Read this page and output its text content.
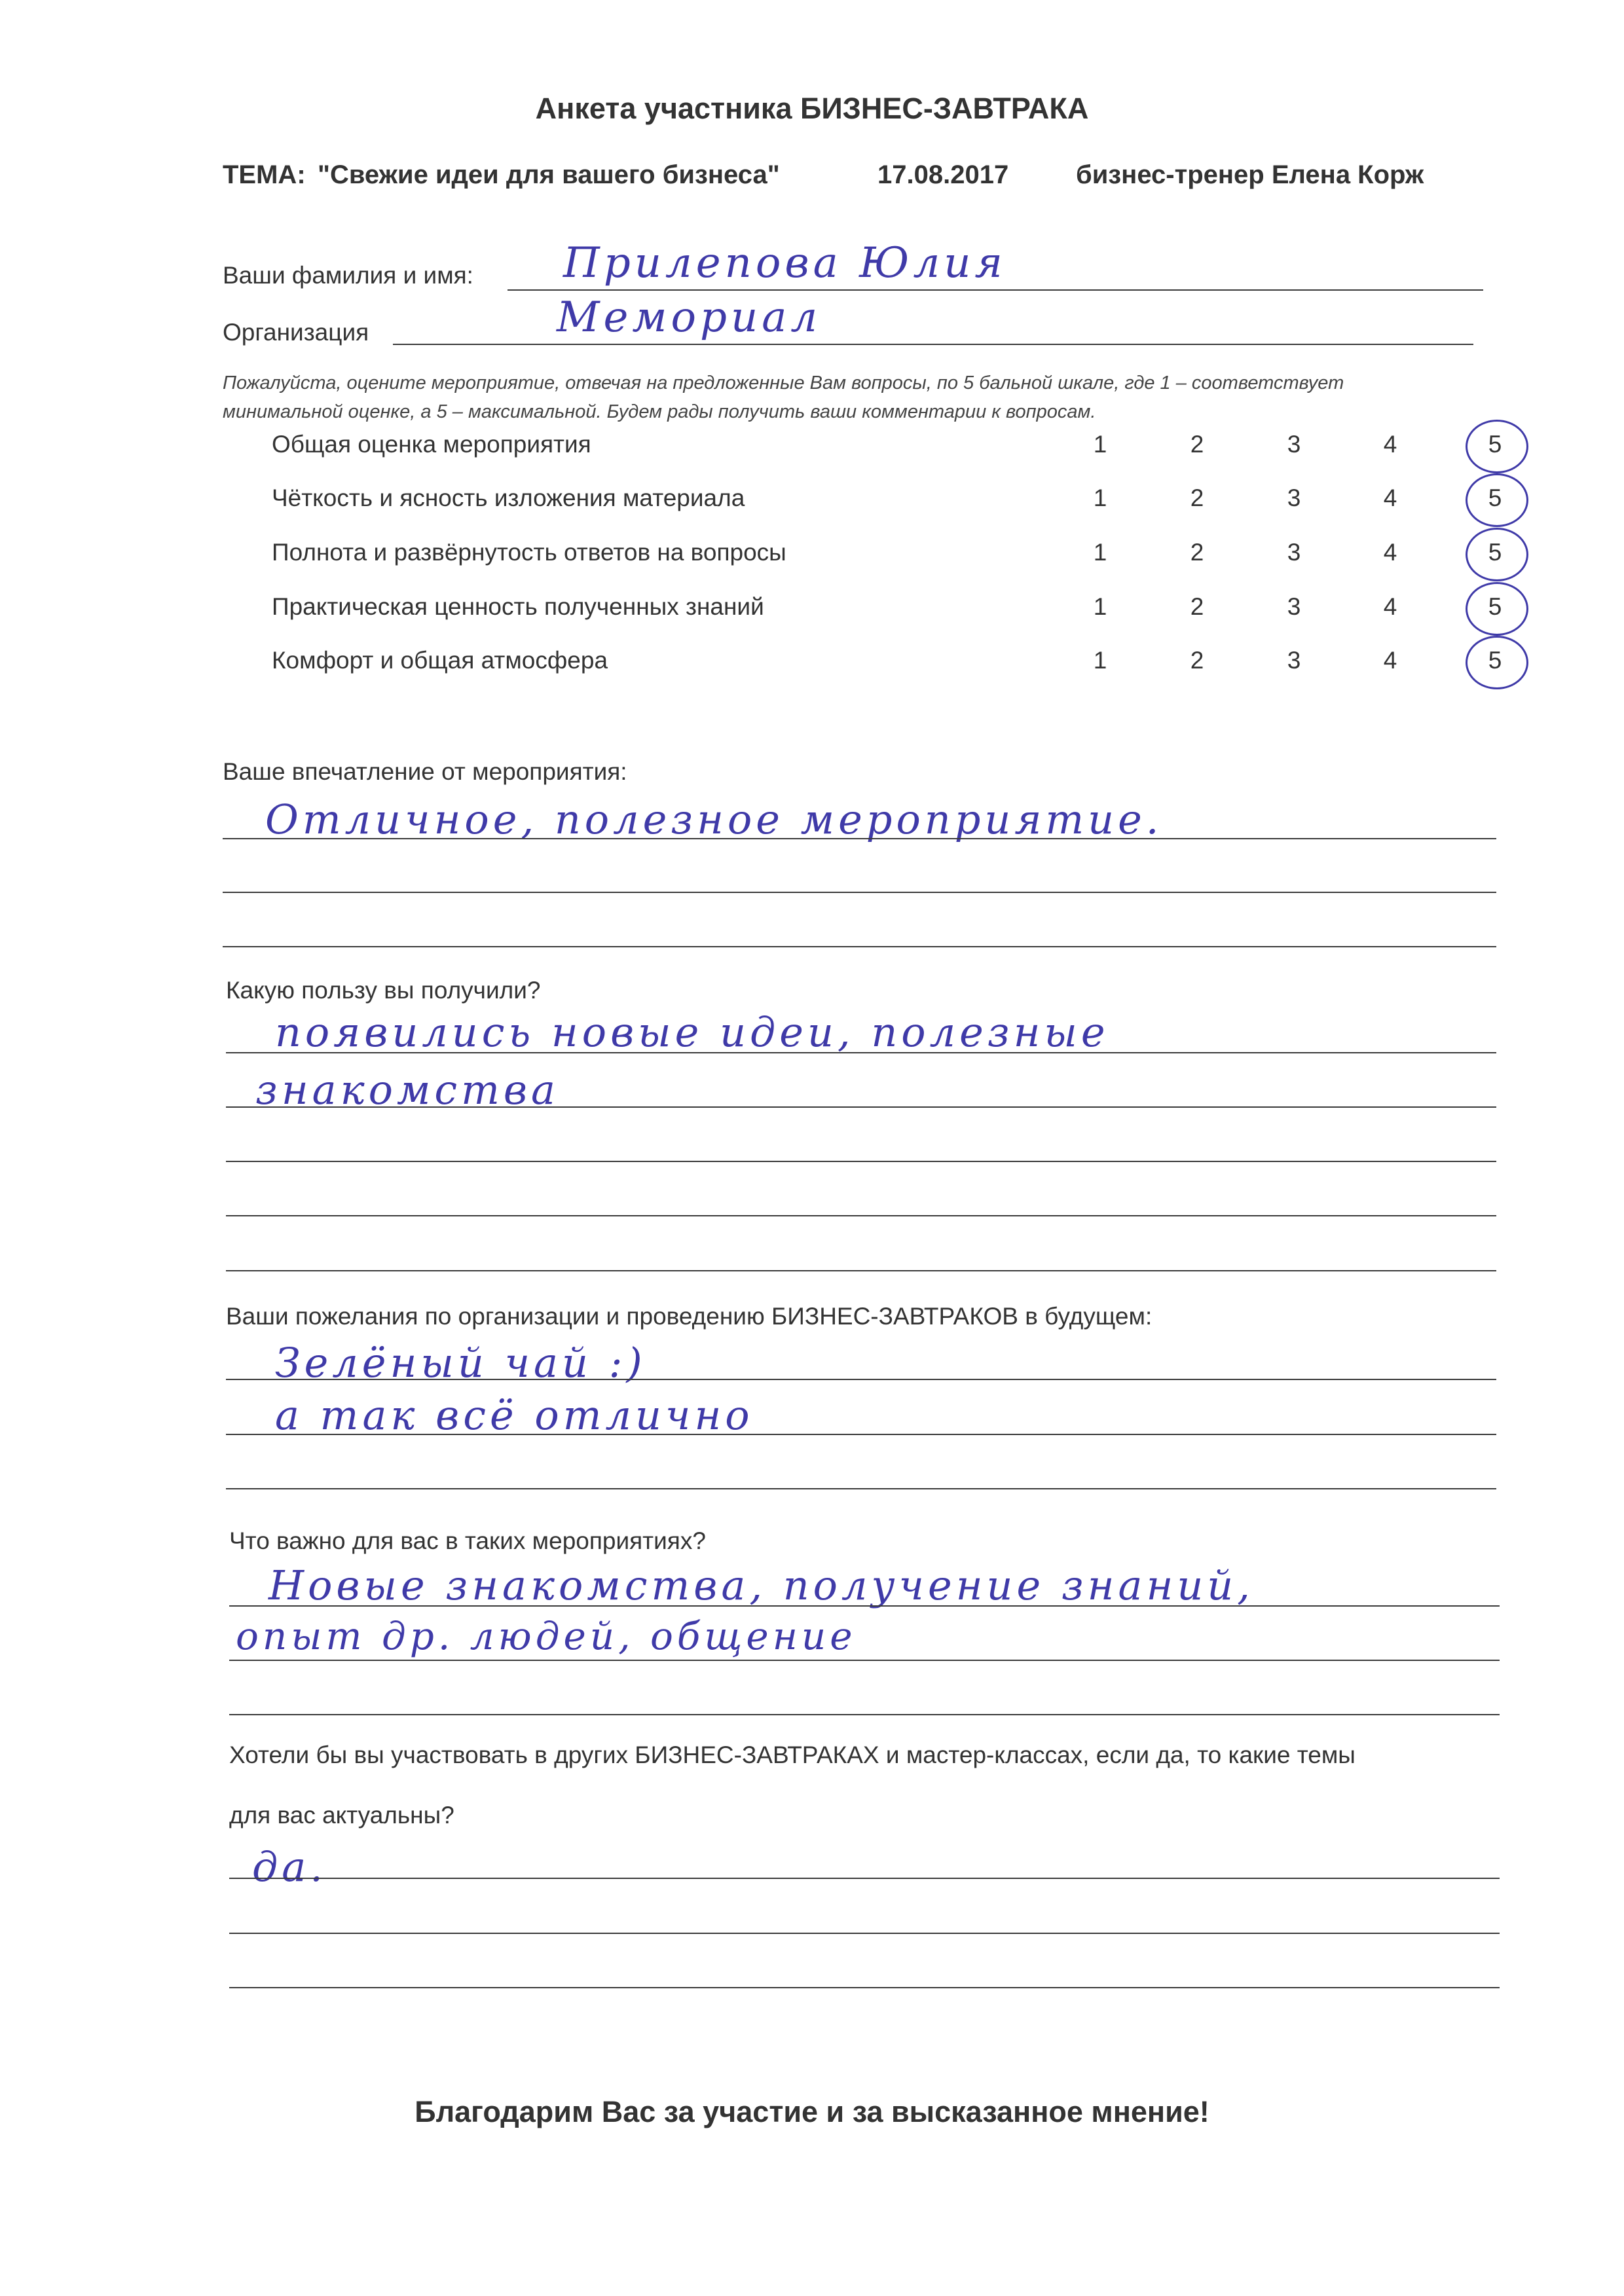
Анкета участника БИЗНЕС-ЗАВТРАКА
ТЕМА: "Свежие идеи для вашего бизнеса"	17.08.2017	бизнес-тренер Елена Корж
Ваши фамилия и имя: Прилепова Юлия
Организация	Мемориал
Пожалуйста, оцените мероприятие, отвечая на предложенные Вам вопросы, по 5 бальной шкале, где 1 – соответствует минимальной оценке, а 5 – максимальной. Будем рады получить ваши комментарии к вопросам.
Общая оценка мероприятия	1	2	3	4	5
Чёткость и ясность изложения материала	1	2	3	4	5
Полнота и развёрнутость ответов на вопросы	1	2	3	4	5
Практическая ценность полученных знаний	1	2	3	4	5
Комфорт и общая атмосфера	1	2	3	4	5
Ваше впечатление от мероприятия:
Отличное, полезное мероприятие.
Какую пользу вы получили?
появились новые идеи, полезные
знакомства
Ваши пожелания по организации и проведению БИЗНЕС-ЗАВТРАКОВ в будущем:
Зелёный чай :)
а так всё отлично
Что важно для вас в таких мероприятиях?
Новые знакомства, получение знаний,
опыт др. людей, общение
Хотели бы вы участвовать в других БИЗНЕС-ЗАВТРАКАХ и мастер-классах, если да, то какие темы
для вас актуальны?
да.
Благодарим Вас за участие и за высказанное мнение!
